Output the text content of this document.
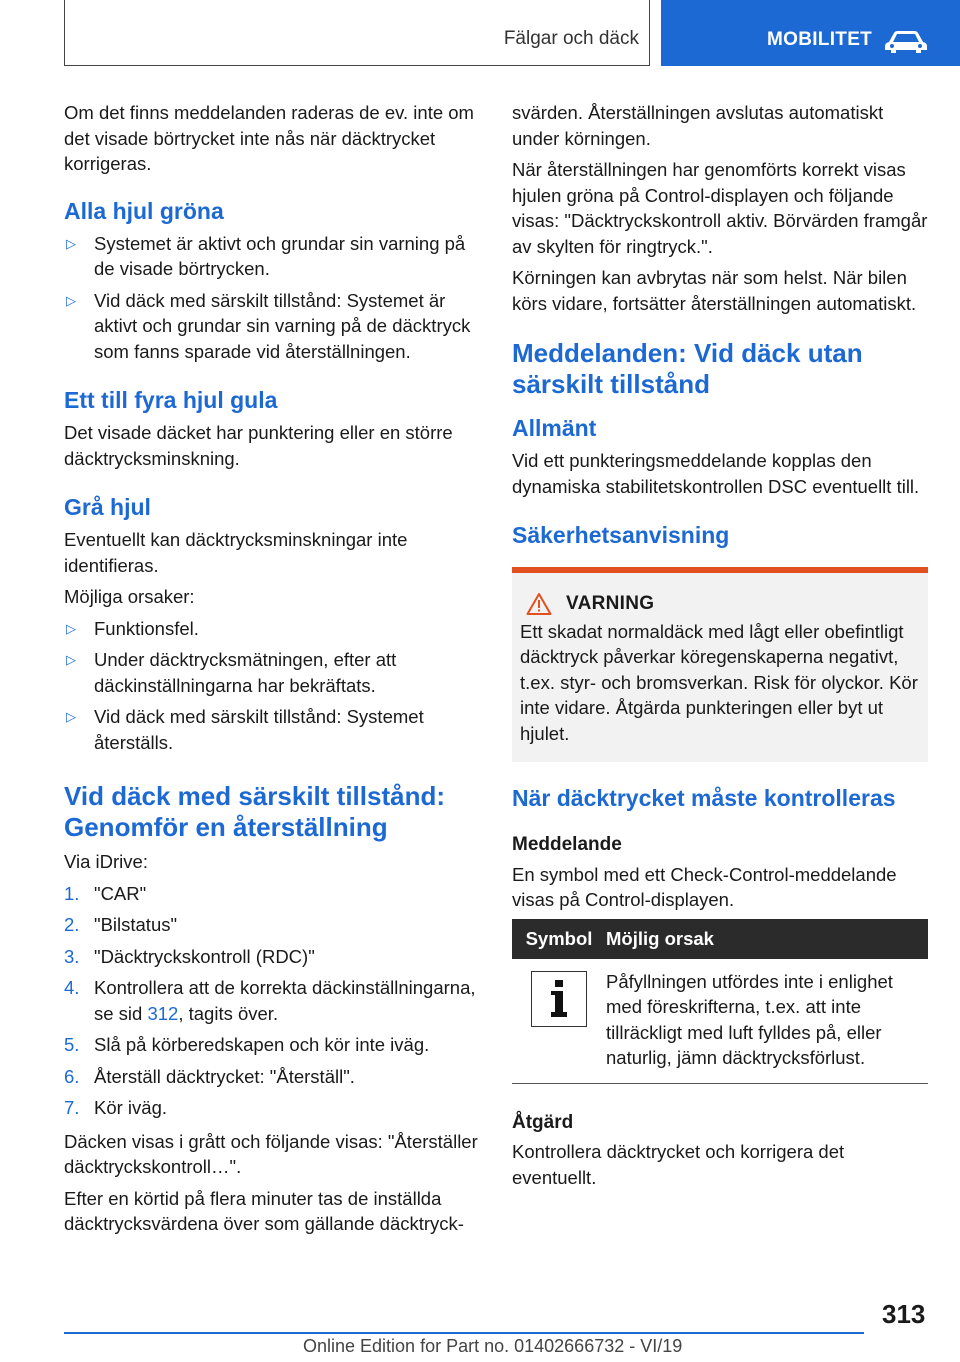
Fälgar och däck	MOBILITET

Om det finns meddelanden raderas de ev. inte om det visade börtrycket inte nås när däcktrycket korrigeras.

Alla hjul gröna
▷ Systemet är aktivt och grundar sin varning på de visade börtrycken.
▷ Vid däck med särskilt tillstånd: Systemet är aktivt och grundar sin varning på de däcktryck som fanns sparade vid återställningen.
Ett till fyra hjul gula

Det visade däcket har punktering eller en större däcktrycksminskning.

Grå hjul

Eventuellt kan däcktrycksminskningar inte identifieras.

Möjliga orsaker:

▷ Funktionsfel.
▷ Under däcktrycksmätningen, efter att däckinställningarna har bekräftats.
▷ Vid däck med särskilt tillstånd: Systemet återställs.
Vid däck med särskilt tillstånd: Genomför en återställning

Via iDrive:

1. "CAR"
2. "Bilstatus"
3. "Däcktryckskontroll (RDC)"
4. Kontrollera att de korrekta däckinställningarna, se sid 312, tagits över.
5. Slå på körberedskapen och kör inte iväg.
6. Återställ däcktrycket: "Återställ".
7. Kör iväg.

Däcken visas i grått och följande visas: "Återställer däcktryckskontroll…".

Efter en körtid på flera minuter tas de inställda däcktrycksvärdena över som gällande däcktryck-

svärden. Återställningen avslutas automatiskt under körningen.

När återställningen har genomförts korrekt visas hjulen gröna på Control-displayen och följande visas: "Däcktryckskontroll aktiv. Börvärden framgår av skylten för ringtryck.".

Körningen kan avbrytas när som helst. När bilen körs vidare, fortsätter återställningen automatiskt.

Meddelanden: Vid däck utan särskilt tillstånd
Allmänt

Vid ett punkteringsmeddelande kopplas den dynamiska stabilitetskontrollen DSC eventuellt till.

Säkerhetsanvisning
VARNING
Ett skadat normaldäck med lågt eller obefintligt däcktryck påverkar köregenskaperna negativt, t.ex. styr- och bromsverkan. Risk för olyckor. Kör inte vidare. Åtgärda punkteringen eller byt ut hjulet.
När däcktrycket måste kontrolleras
Meddelande

En symbol med ett Check-Control-meddelande visas på Control-displayen.

Symbol Möjlig orsak
Påfyllningen utfördes inte i enlighet med föreskrifterna, t.ex. att inte tillräckligt med luft fylldes på, eller naturlig, jämn däcktrycksförlust.
Åtgärd

Kontrollera däcktrycket och korrigera det eventuellt.

313
Online Edition for Part no. 01402666732 - VI/19
